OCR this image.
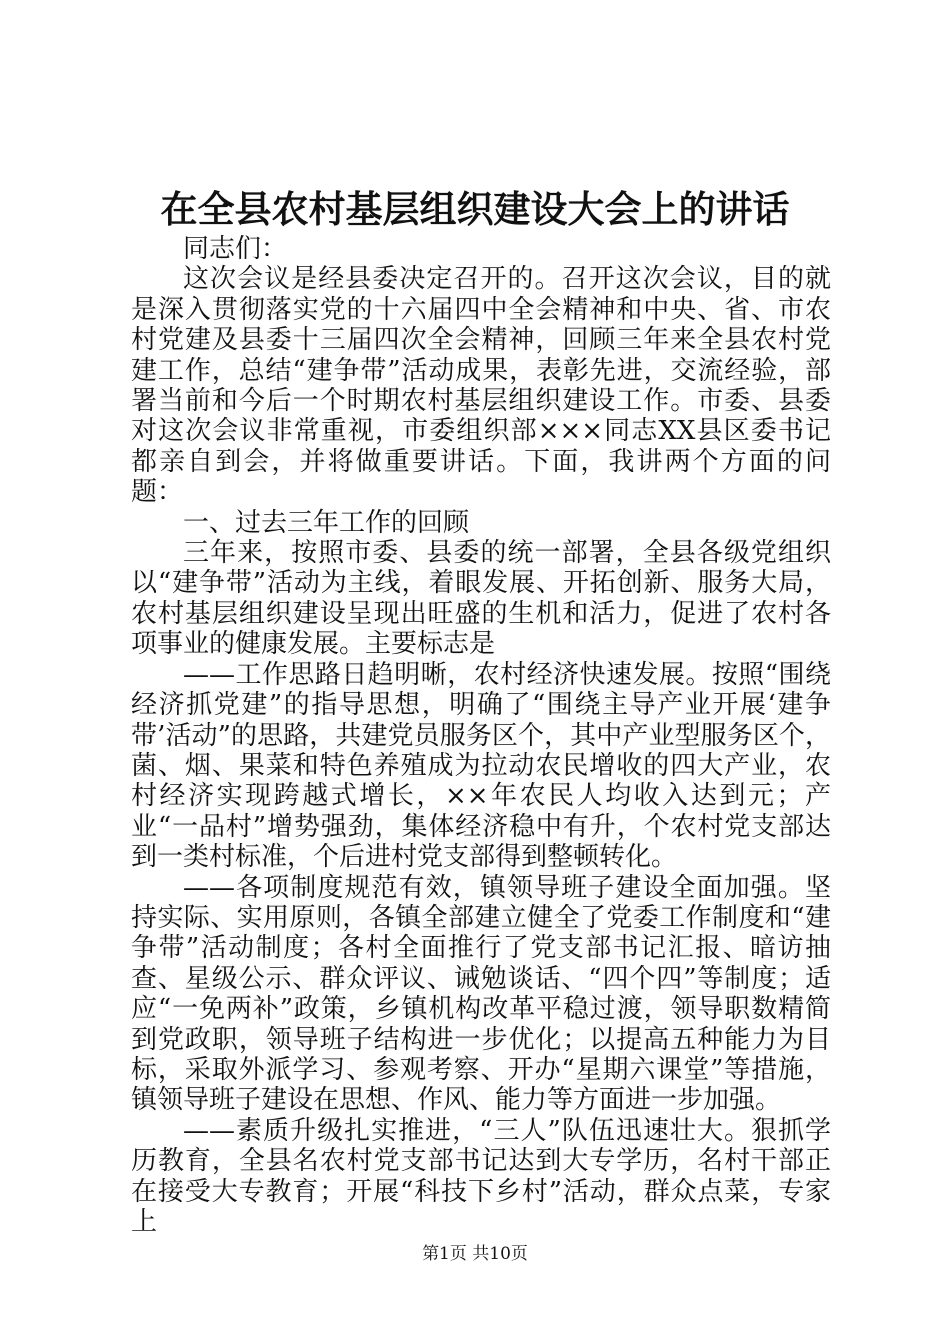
在全县农村基层组织建设大会上的讲话

同志们：

这次会议是经县委决定召开的。召开这次会议，目的就是深入贯彻落实党的十六届四中全会精神和中央、省、市农村党建及县委十三届四次全会精神，回顾三年来全县农村党建工作，总结“建争带”活动成果，表彰先进，交流经验，部署当前和今后一个时期农村基层组织建设工作。市委、县委对这次会议非常重视，市委组织部×××同志XX县区委书记都亲自到会，并将做重要讲话。下面，我讲两个方面的问题：

一、过去三年工作的回顾

三年来，按照市委、县委的统一部署，全县各级党组织以“建争带”活动为主线，着眼发展、开拓创新、服务大局，农村基层组织建设呈现出旺盛的生机和活力，促进了农村各项事业的健康发展。主要标志是

——工作思路日趋明晰，农村经济快速发展。按照“围绕经济抓党建”的指导思想，明确了“围绕主导产业开展‘建争带’活动”的思路，共建党员服务区个，其中产业型服务区个，菌、烟、果菜和特色养殖成为拉动农民增收的四大产业，农村经济实现跨越式增长，××年农民人均收入达到元；产业“一品村”增势强劲，集体经济稳中有升，个农村党支部达到一类村标准，个后进村党支部得到整顿转化。

——各项制度规范有效，镇领导班子建设全面加强。坚持实际、实用原则，各镇全部建立健全了党委工作制度和“建争带”活动制度；各村全面推行了党支部书记汇报、暗访抽查、星级公示、群众评议、诫勉谈话、“四个四”等制度；适应“一免两补”政策，乡镇机构改革平稳过渡，领导职数精简到党政职，领导班子结构进一步优化；以提高五种能力为目标，采取外派学习、参观考察、开办“星期六课堂”等措施，镇领导班子建设在思想、作风、能力等方面进一步加强。

——素质升级扎实推进，“三人”队伍迅速壮大。狠抓学历教育，全县名农村党支部书记达到大专学历，名村干部正在接受大专教育；开展“科技下乡村”活动，群众点菜，专家上

第1页 共10页
